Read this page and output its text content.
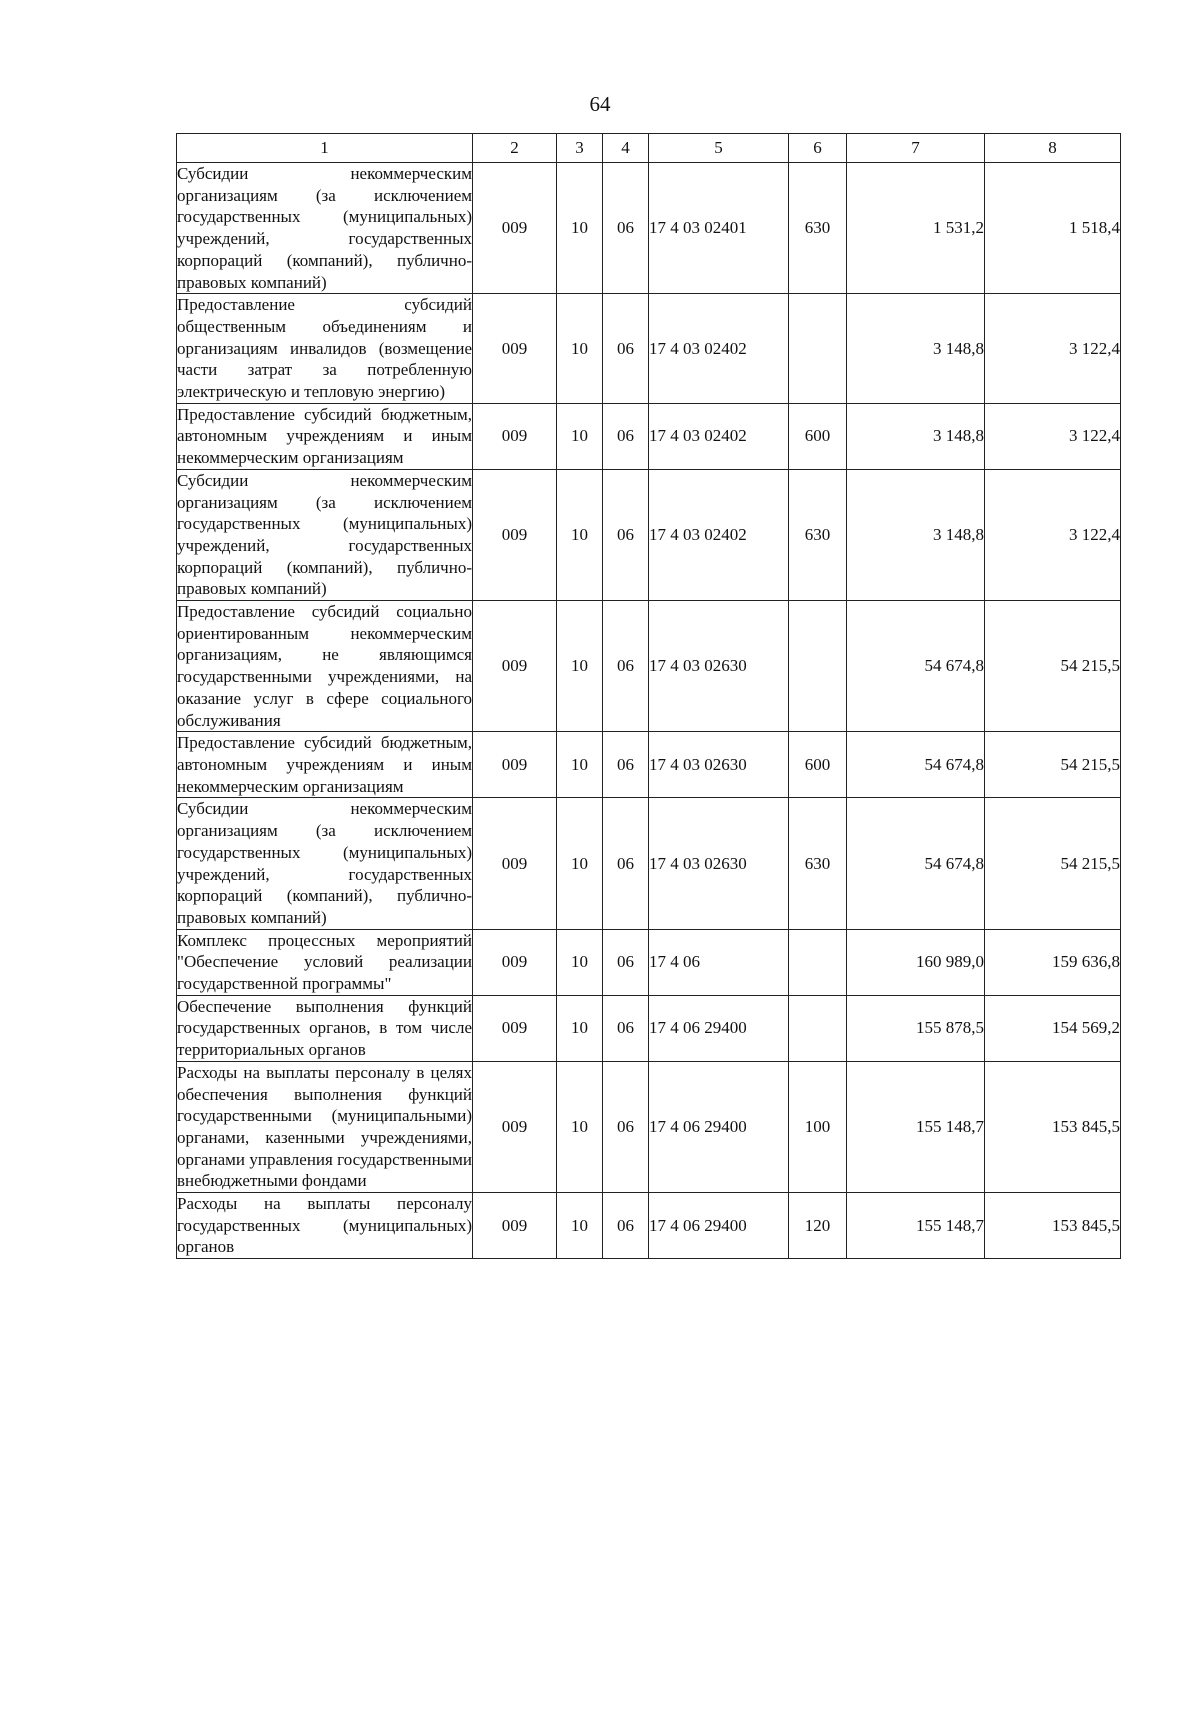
64
1	2	3	4	5	6	7	8
Субсидии некоммерческим организациям (за исключением государственных (муниципальных) учреждений, государственных корпораций (компаний), публично-правовых компаний)	009	10	06	17 4 03 02401	630	1 531,2	1 518,4
Предоставление субсидий общественным объединениям и организациям инвалидов (возмещение части затрат за потребленную электрическую и тепловую энергию)	009	10	06	17 4 03 02402		3 148,8	3 122,4
Предоставление субсидий бюджетным, автономным учреждениям и иным некоммерческим организациям	009	10	06	17 4 03 02402	600	3 148,8	3 122,4
Субсидии некоммерческим организациям (за исключением государственных (муниципальных) учреждений, государственных корпораций (компаний), публично-правовых компаний)	009	10	06	17 4 03 02402	630	3 148,8	3 122,4
Предоставление субсидий социально ориентированным некоммерческим организациям, не являющимся государственными учреждениями, на оказание услуг в сфере социального обслуживания	009	10	06	17 4 03 02630		54 674,8	54 215,5
Предоставление субсидий бюджетным, автономным учреждениям и иным некоммерческим организациям	009	10	06	17 4 03 02630	600	54 674,8	54 215,5
Субсидии некоммерческим организациям (за исключением государственных (муниципальных) учреждений, государственных корпораций (компаний), публично-правовых компаний)	009	10	06	17 4 03 02630	630	54 674,8	54 215,5
Комплекс процессных мероприятий "Обеспечение условий реализации государственной программы"	009	10	06	17 4 06		160 989,0	159 636,8
Обеспечение выполнения функций государственных органов, в том числе территориальных органов	009	10	06	17 4 06 29400		155 878,5	154 569,2
Расходы на выплаты персоналу в целях обеспечения выполнения функций государственными (муниципальными) органами, казенными учреждениями, органами управления государственными внебюджетными фондами	009	10	06	17 4 06 29400	100	155 148,7	153 845,5
Расходы на выплаты персоналу государственных (муниципальных) органов	009	10	06	17 4 06 29400	120	155 148,7	153 845,5
